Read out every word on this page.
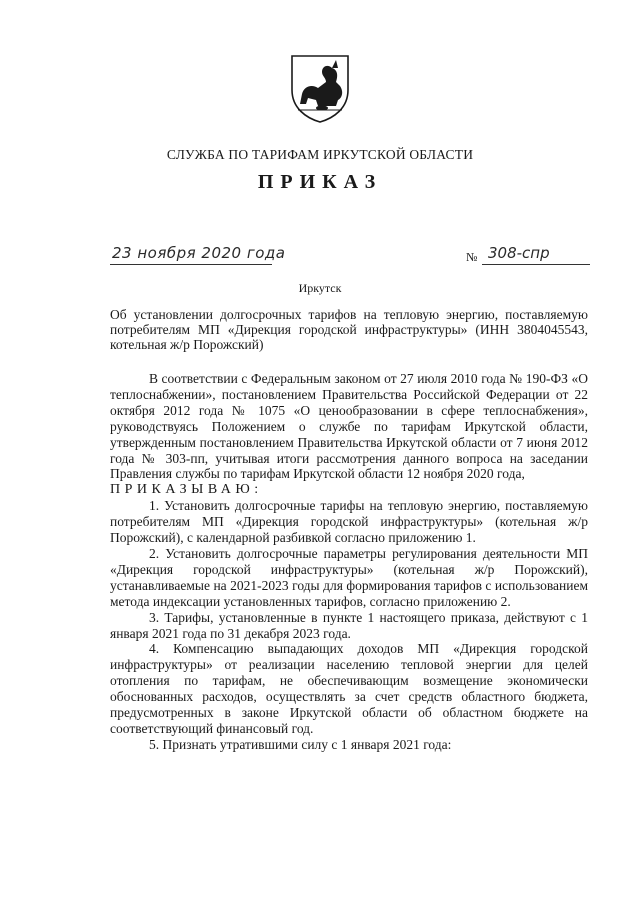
СЛУЖБА ПО ТАРИФАМ ИРКУТСКОЙ ОБЛАСТИ
ПРИКАЗ
23 ноября 2020 года	№ 308-спр
Иркутск
Об установлении долгосрочных тарифов на тепловую энергию, поставляемую потребителям МП «Дирекция городской инфраструктуры» (ИНН 3804045543, котельная ж/р Порожский)

В соответствии с Федеральным законом от 27 июля 2010 года № 190-ФЗ «О теплоснабжении», постановлением Правительства Российской Федерации от 22 октября 2012 года № 1075 «О ценообразовании в сфере теплоснабжения», руководствуясь Положением о службе по тарифам Иркутской области, утвержденным постановлением Правительства Иркутской области от 7 июня 2012 года № 303-пп, учитывая итоги рассмотрения данного вопроса на заседании Правления службы по тарифам Иркутской области 12 ноября 2020 года,

ПРИКАЗЫВАЮ:

1. Установить долгосрочные тарифы на тепловую энергию, поставляемую потребителям МП «Дирекция городской инфраструктуры» (котельная ж/р Порожский), с календарной разбивкой согласно приложению 1.

2. Установить долгосрочные параметры регулирования деятельности МП «Дирекция городской инфраструктуры» (котельная ж/р Порожский), устанавливаемые на 2021-2023 годы для формирования тарифов с использованием метода индексации установленных тарифов, согласно приложению 2.

3. Тарифы, установленные в пункте 1 настоящего приказа, действуют с 1 января 2021 года по 31 декабря 2023 года.

4. Компенсацию выпадающих доходов МП «Дирекция городской инфраструктуры» от реализации населению тепловой энергии для целей отопления по тарифам, не обеспечивающим возмещение экономически обоснованных расходов, осуществлять за счет средств областного бюджета, предусмотренных в законе Иркутской области об областном бюджете на соответствующий финансовый год.

5. Признать утратившими силу с 1 января 2021 года:
